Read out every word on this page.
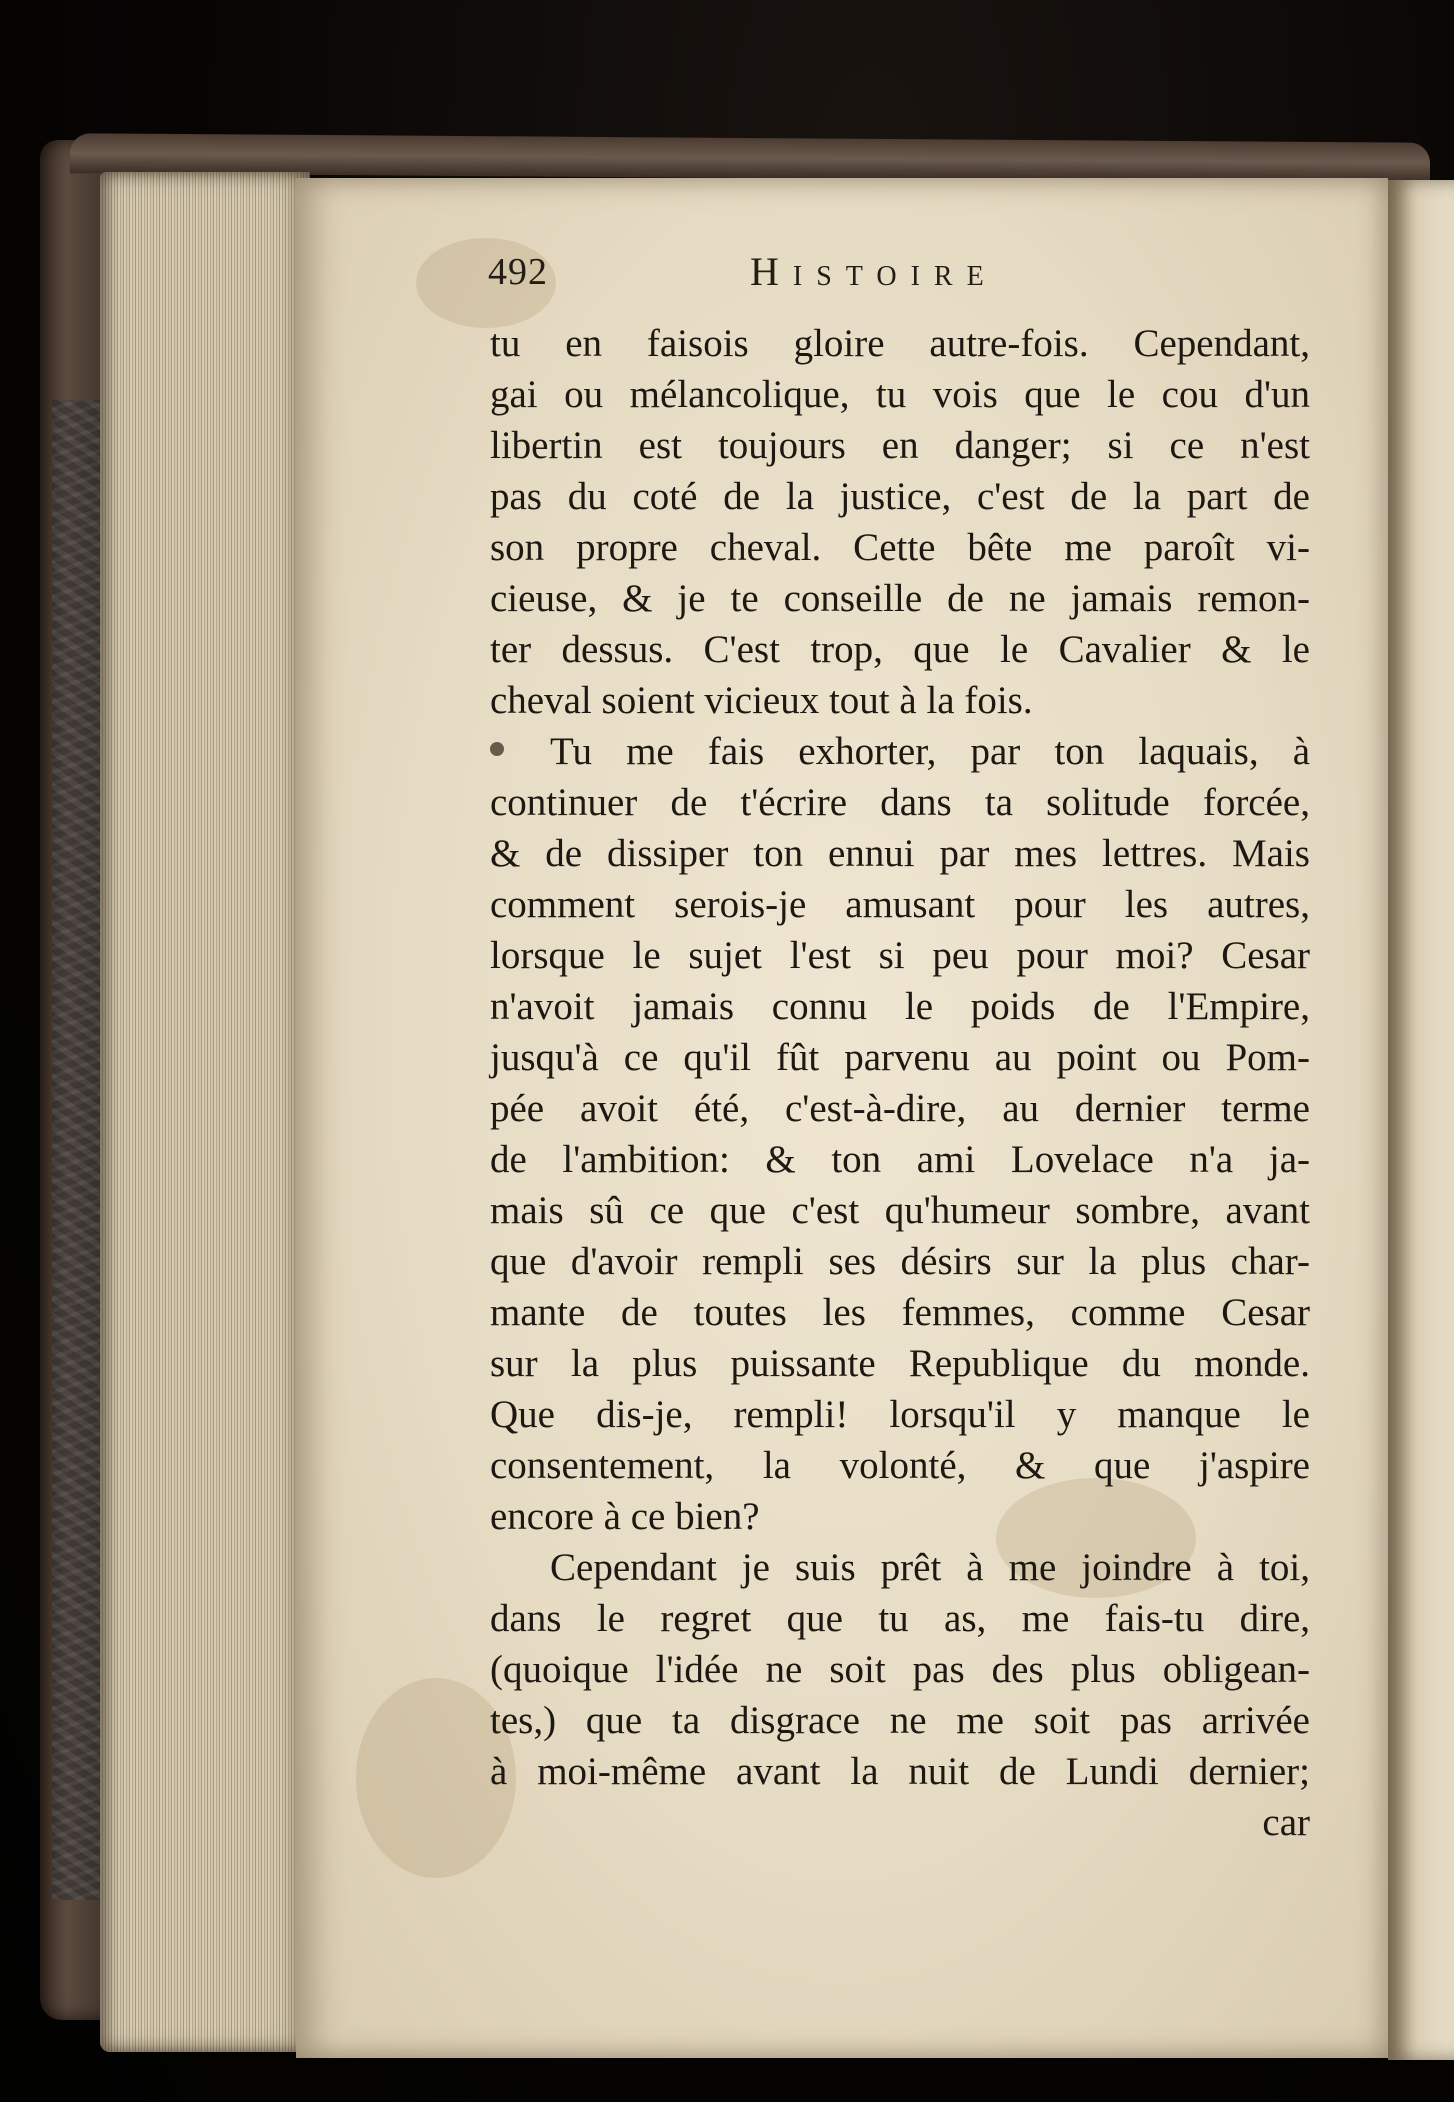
492	Histoire
tu en faisois gloire autre-fois. Cependant,
gai ou mélancolique, tu vois que le cou d'un
libertin est toujours en danger; si ce n'est
pas du coté de la justice, c'est de la part de
son propre cheval. Cette bête me paroît vi-
cieuse, & je te conseille de ne jamais remon-
ter dessus. C'est trop, que le Cavalier & le
cheval soient vicieux tout à la fois.
Tu me fais exhorter, par ton laquais, à
continuer de t'écrire dans ta solitude forcée,
& de dissiper ton ennui par mes lettres. Mais
comment serois-je amusant pour les autres,
lorsque le sujet l'est si peu pour moi? Cesar
n'avoit jamais connu le poids de l'Empire,
jusqu'à ce qu'il fût parvenu au point ou Pom-
pée avoit été, c'est-à-dire, au dernier terme
de l'ambition: & ton ami Lovelace n'a ja-
mais sû ce que c'est qu'humeur sombre, avant
que d'avoir rempli ses désirs sur la plus char-
mante de toutes les femmes, comme Cesar
sur la plus puissante Republique du monde.
Que dis-je, rempli! lorsqu'il y manque le
consentement, la volonté, & que j'aspire
encore à ce bien?
Cependant je suis prêt à me joindre à toi,
dans le regret que tu as, me fais-tu dire,
(quoique l'idée ne soit pas des plus obligean-
tes,) que ta disgrace ne me soit pas arrivée
à moi-même avant la nuit de Lundi dernier;
car
